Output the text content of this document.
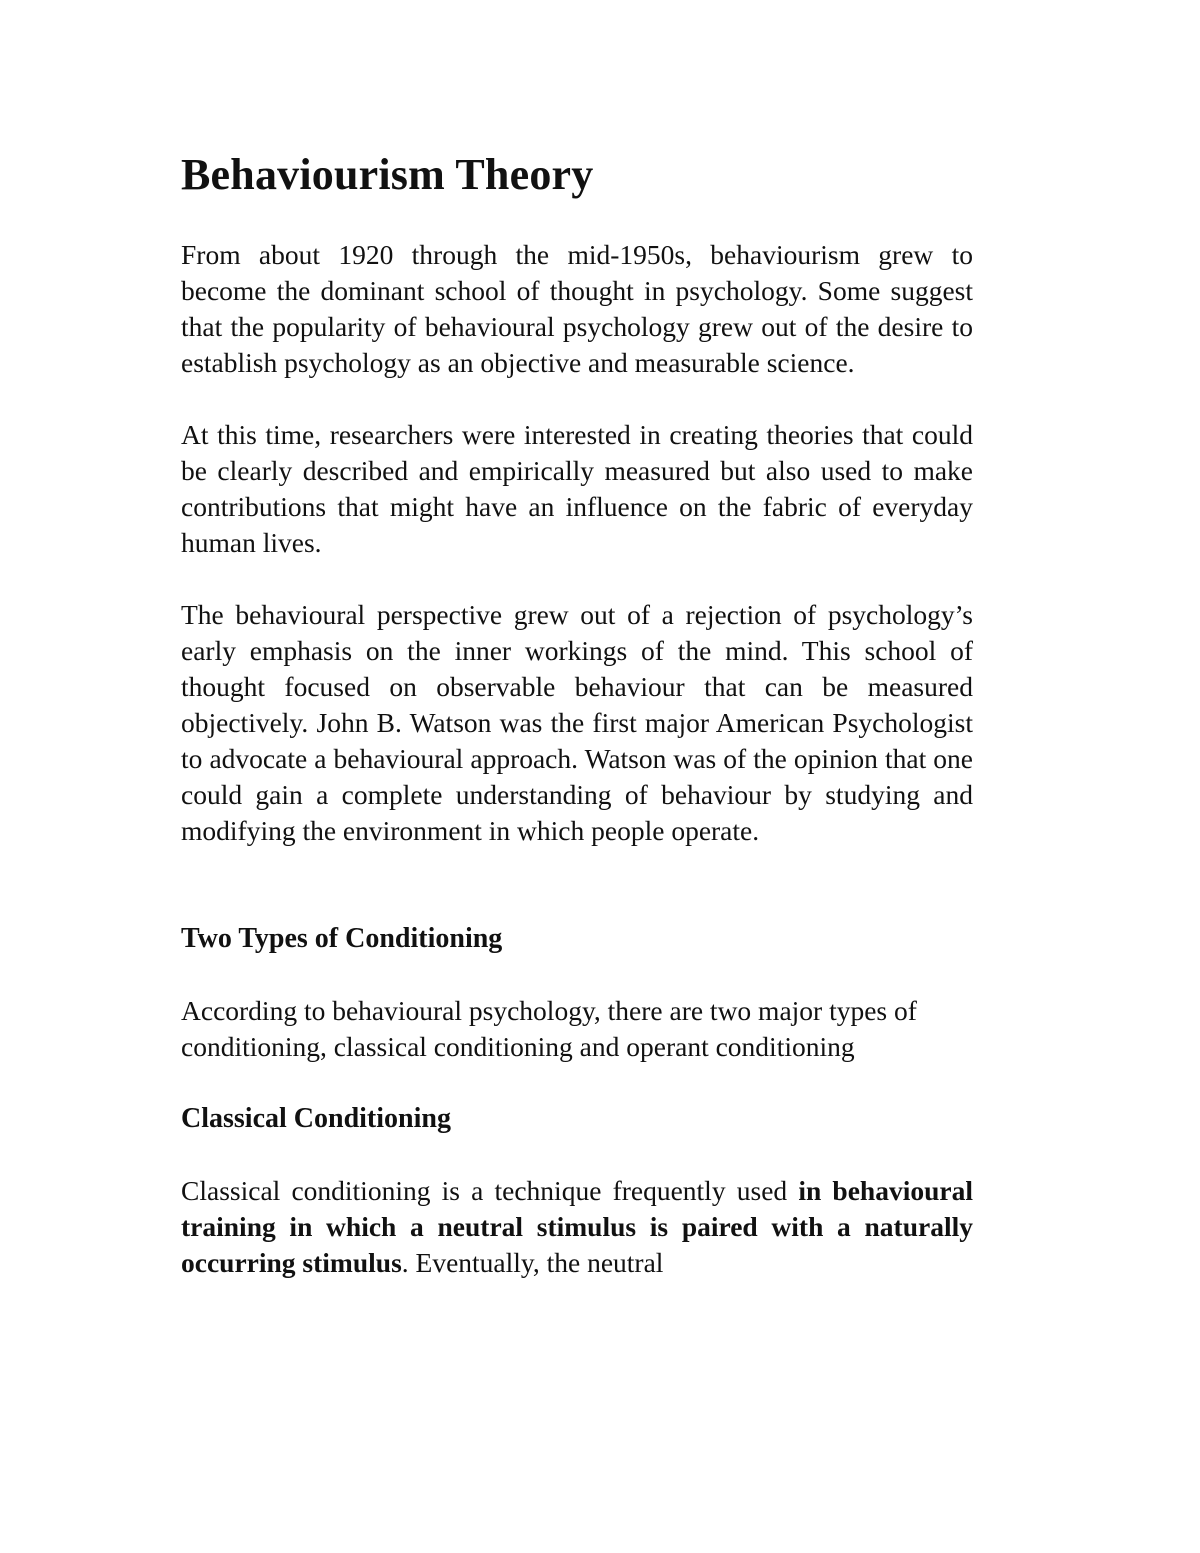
Behaviourism Theory

From about 1920 through the mid-1950s, behaviourism grew to become the dominant school of thought in psychology. Some suggest that the popularity of behavioural psychology grew out of the desire to establish psychology as an objective and measurable science.

At this time, researchers were interested in creating theories that could be clearly described and empirically measured but also used to make contributions that might have an influence on the fabric of everyday human lives.

The behavioural perspective grew out of a rejection of psychology’s early emphasis on the inner workings of the mind. This school of thought focused on observable behaviour that can be measured objectively. John B. Watson was the first major American Psychologist to advocate a behavioural approach. Watson was of the opinion that one could gain a complete understanding of behaviour by studying and modifying the environment in which people operate.

Two Types of Conditioning

According to behavioural psychology, there are two major types of conditioning, classical conditioning and operant conditioning

Classical Conditioning

Classical conditioning is a technique frequently used in behavioural training in which a neutral stimulus is paired with a naturally occurring stimulus. Eventually, the neutral
